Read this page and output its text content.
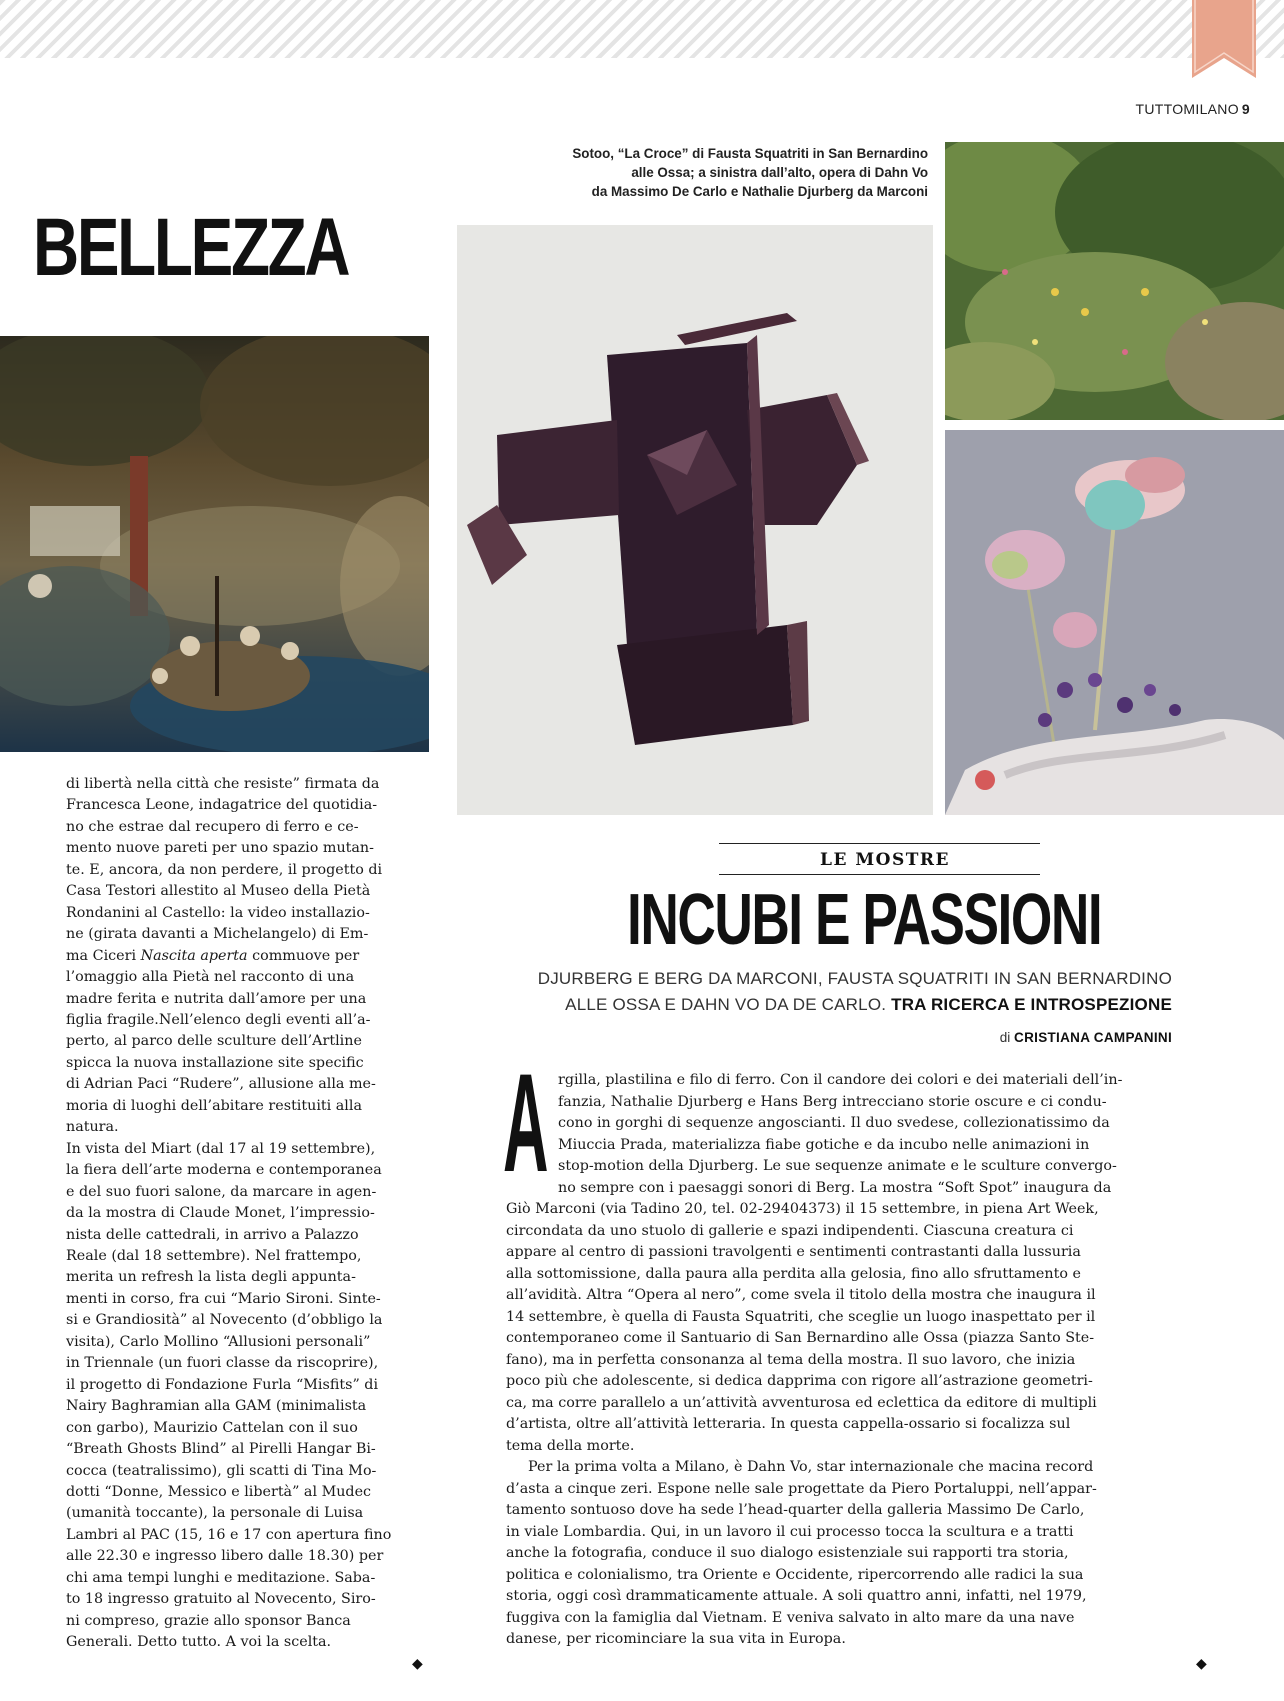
TUTTOMILANO 9
BELLEZZA
Sotoo, “La Croce” di Fausta Squatriti in San Bernardino
alle Ossa; a sinistra dall’alto, opera di Dahn Vo
da Massimo De Carlo e Nathalie Djurberg da Marconi

di libertà nella città che resiste” firmata da

Francesca Leone, indagatrice del quotidia-

no che estrae dal recupero di ferro e ce-

mento nuove pareti per uno spazio mutan-

te. E, ancora, da non perdere, il progetto di

Casa Testori allestito al Museo della Pietà

Rondanini al Castello: la video installazio-

ne (girata davanti a Michelangelo) di Em-

ma Ciceri Nascita aperta commuove per

l’omaggio alla Pietà nel racconto di una

madre ferita e nutrita dall’amore per una

figlia fragile.Nell’elenco degli eventi all’a-

perto, al parco delle sculture dell’Artline

spicca la nuova installazione site specific

di Adrian Paci “Rudere”, allusione alla me-

moria di luoghi dell’abitare restituiti alla

natura.

In vista del Miart (dal 17 al 19 settembre),

la fiera dell’arte moderna e contemporanea

e del suo fuori salone, da marcare in agen-

da la mostra di Claude Monet, l’impressio-

nista delle cattedrali, in arrivo a Palazzo

Reale (dal 18 settembre). Nel frattempo,

merita un refresh la lista degli appunta-

menti in corso, fra cui “Mario Sironi. Sinte-

si e Grandiosità” al Novecento (d’obbligo la

visita), Carlo Mollino “Allusioni personali”

in Triennale (un fuori classe da riscoprire),

il progetto di Fondazione Furla “Misfits” di

Nairy Baghramian alla GAM (minimalista

con garbo), Maurizio Cattelan con il suo

“Breath Ghosts Blind” al Pirelli Hangar Bi-

cocca (teatralissimo), gli scatti di Tina Mo-

dotti “Donne, Messico e libertà” al Mudec

(umanità toccante), la personale di Luisa

Lambri al PAC (15, 16 e 17 con apertura fino

alle 22.30 e ingresso libero dalle 18.30) per

chi ama tempi lunghi e meditazione. Saba-

to 18 ingresso gratuito al Novecento, Siro-

ni compreso, grazie allo sponsor Banca

Generali. Detto tutto. A voi la scelta.

◆
LE MOSTRE
INCUBI E PASSIONI
DJURBERG E BERG DA MARCONI, FAUSTA SQUATRITI IN SAN BERNARDINO
ALLE OSSA E DAHN VO DA DE CARLO. TRA RICERCA E INTROSPEZIONE
di CRISTIANA CAMPANINI
A rgilla, plastilina e filo di ferro. Con il candore dei colori e dei materiali dell’in-

fanzia, Nathalie Djurberg e Hans Berg intrecciano storie oscure e ci condu-

cono in gorghi di sequenze angoscianti. Il duo svedese, collezionatissimo da

Miuccia Prada, materializza fiabe gotiche e da incubo nelle animazioni in

stop-motion della Djurberg. Le sue sequenze animate e le sculture convergo-

no sempre con i paesaggi sonori di Berg. La mostra “Soft Spot” inaugura da

Giò Marconi (via Tadino 20, tel. 02-29404373) il 15 settembre, in piena Art Week,

circondata da uno stuolo di gallerie e spazi indipendenti. Ciascuna creatura ci

appare al centro di passioni travolgenti e sentimenti contrastanti dalla lussuria

alla sottomissione, dalla paura alla perdita alla gelosia, fino allo sfruttamento e

all’avidità. Altra “Opera al nero”, come svela il titolo della mostra che inaugura il

14 settembre, è quella di Fausta Squatriti, che sceglie un luogo inaspettato per il

contemporaneo come il Santuario di San Bernardino alle Ossa (piazza Santo Ste-

fano), ma in perfetta consonanza al tema della mostra. Il suo lavoro, che inizia

poco più che adolescente, si dedica dapprima con rigore all’astrazione geometri-

ca, ma corre parallelo a un’attività avventurosa ed eclettica da editore di multipli

d’artista, oltre all’attività letteraria. In questa cappella-ossario si focalizza sul

tema della morte.

Per la prima volta a Milano, è Dahn Vo, star internazionale che macina record

d’asta a cinque zeri. Espone nelle sale progettate da Piero Portaluppi, nell’appar-

tamento sontuoso dove ha sede l’head-quarter della galleria Massimo De Carlo,

in viale Lombardia. Qui, in un lavoro il cui processo tocca la scultura e a tratti

anche la fotografia, conduce il suo dialogo esistenziale sui rapporti tra storia,

politica e colonialismo, tra Oriente e Occidente, ripercorrendo alle radici la sua

storia, oggi così drammaticamente attuale. A soli quattro anni, infatti, nel 1979,

fuggiva con la famiglia dal Vietnam. E veniva salvato in alto mare da una nave

danese, per ricominciare la sua vita in Europa.

◆
